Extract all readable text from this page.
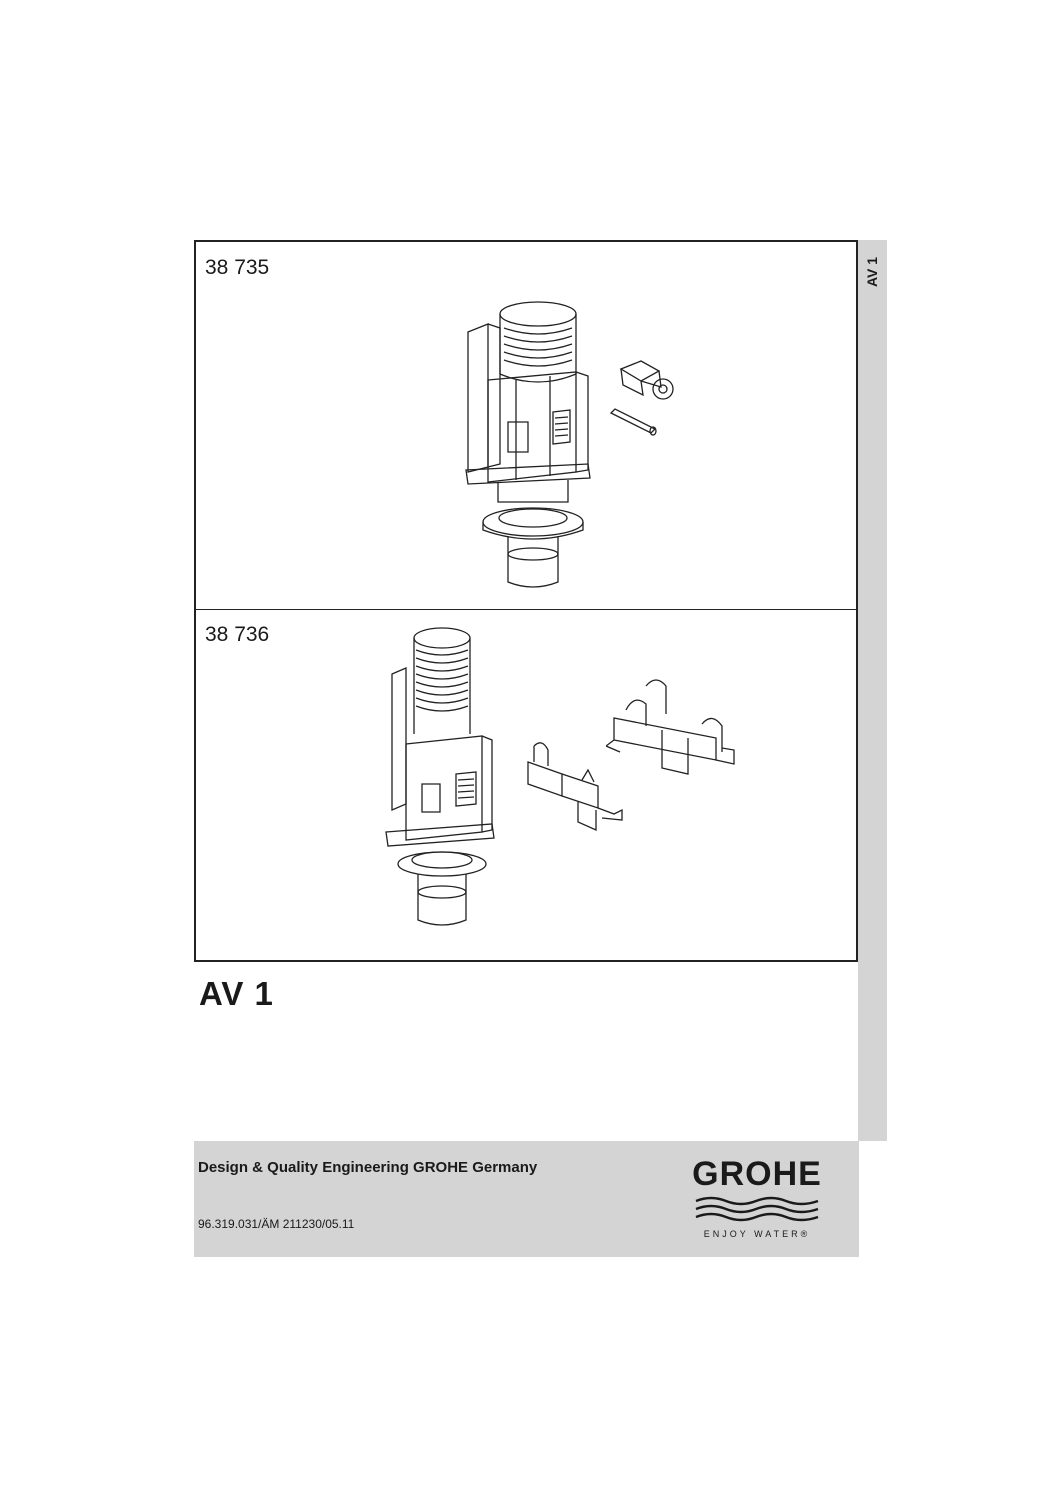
38 735
38 736
AV 1
AV 1
Design & Quality Engineering GROHE Germany
96.319.031/ÄM 211230/05.11
GROHE
ENJOY WATER®
